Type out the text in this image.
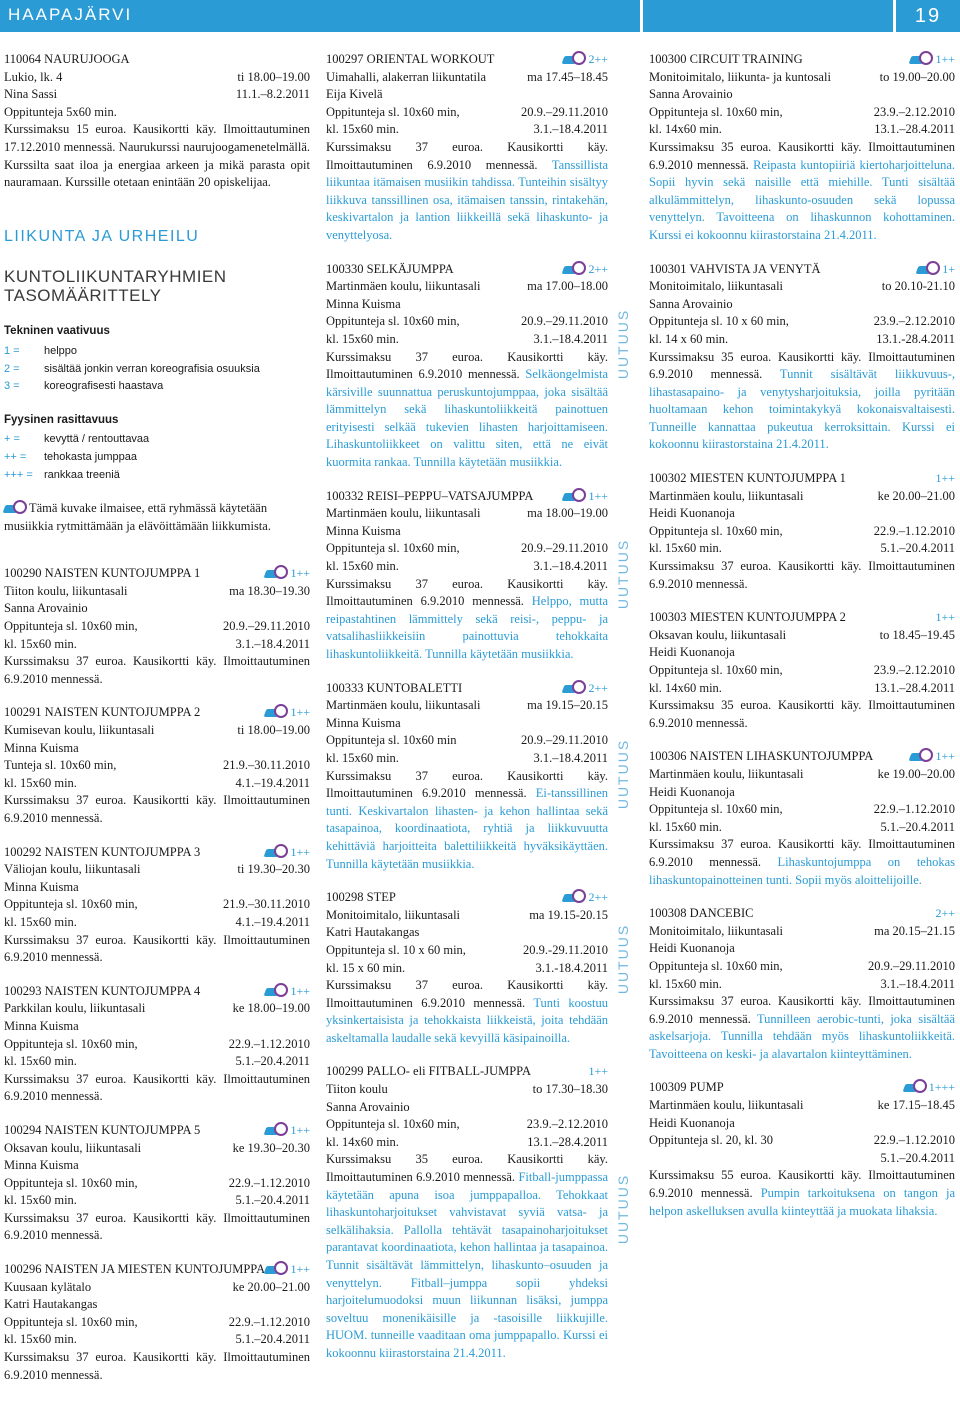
HAAPAJÄRVI	19
110064 NAURUJOOGA
Lukio, lk. 4	ti 18.00–19.00
Nina Sassi	11.1.–8.2.2011
Oppitunteja 5x60 min.
Kurssimaksu 15 euroa. Kausikortti käy. Ilmoittautuminen 17.12.2010 mennessä. Naurukurssi naurujoogamenetelmällä. Kurssilta saat iloa ja energiaa arkeen ja mikä parasta opit nauramaan. Kurssille otetaan enintään 20 opiskelijaa.
LIIKUNTA JA URHEILU
KUNTOLIIKUNTARYHMIEN
TASOMÄÄRITTELY
Tekninen vaativuus
1 = helppo
2 = sisältää jonkin verran koreografisia osuuksia
3 = koreografisesti haastava
Fyysinen rasittavuus
+ = kevyttä / rentouttavaa
++ = tehokasta jumppaa
+++ = rankkaa treeniä
Tämä kuvake ilmaisee, että ryhmässä käytetään musiikkia rytmittämään ja elävöittämään liikkumista.
100290 NAISTEN KUNTOJUMPPA 1	1++
Tiiton koulu, liikuntasali	ma 18.30–19.30
Sanna Arovainio
Oppitunteja sl. 10x60 min,	20.9.–29.11.2010
kl. 15x60 min.	3.1.–18.4.2011
Kurssimaksu 37 euroa. Kausikortti käy. Ilmoittautuminen 6.9.2010 mennessä.
100291 NAISTEN KUNTOJUMPPA 2	1++
Kumisevan koulu, liikuntasali	ti 18.00–19.00
Minna Kuisma
Tunteja sl. 10x60 min,	21.9.–30.11.2010
kl. 15x60 min.	4.1.–19.4.2011
Kurssimaksu 37 euroa. Kausikortti käy. Ilmoittautuminen 6.9.2010 mennessä.
100292 NAISTEN KUNTOJUMPPA 3	1++
Väliojan koulu, liikuntasali	ti 19.30–20.30
Minna Kuisma
Oppitunteja sl. 10x60 min,	21.9.–30.11.2010
kl. 15x60 min.	4.1.–19.4.2011
Kurssimaksu 37 euroa. Kausikortti käy. Ilmoittautuminen 6.9.2010 mennessä.
100293 NAISTEN KUNTOJUMPPA 4	1++
Parkkilan koulu, liikuntasali	ke 18.00–19.00
Minna Kuisma
Oppitunteja sl. 10x60 min,	22.9.–1.12.2010
kl. 15x60 min.	5.1.–20.4.2011
Kurssimaksu 37 euroa. Kausikortti käy. Ilmoittautuminen 6.9.2010 mennessä.
100294 NAISTEN KUNTOJUMPPA 5	1++
Oksavan koulu, liikuntasali	ke 19.30–20.30
Minna Kuisma
Oppitunteja sl. 10x60 min,	22.9.–1.12.2010
kl. 15x60 min.	5.1.–20.4.2011
Kurssimaksu 37 euroa. Kausikortti käy. Ilmoittautuminen 6.9.2010 mennessä.
100296 NAISTEN JA MIESTEN KUNTOJUMPPA	1++
Kuusaan kylätalo	ke 20.00–21.00
Katri Hautakangas
Oppitunteja sl. 10x60 min,	22.9.–1.12.2010
kl. 15x60 min.	5.1.–20.4.2011
Kurssimaksu 37 euroa. Kausikortti käy. Ilmoittautuminen 6.9.2010 mennessä.
100297 ORIENTAL WORKOUT	2++
Uimahalli, alakerran liikuntatila	ma 17.45–18.45
Eija Kivelä
Oppitunteja sl. 10x60 min,	20.9.–29.11.2010
kl. 15x60 min.	3.1.–18.4.2011
Kurssimaksu 37 euroa. Kausikortti käy. Ilmoittautuminen 6.9.2010 mennessä. Tanssillista liikuntaa itämaisen musiikin tahdissa. Tunteihin sisältyy liikkuva tanssillinen osa, itämaisen tanssin, rintakehän, keskivartalon ja lantion liikkeillä sekä lihaskunto- ja venyttelyosa.
100330 SELKÄJUMPPA	2++
Martinmäen koulu, liikuntasali	ma 17.00–18.00
Minna Kuisma
Oppitunteja sl. 10x60 min,	20.9.–29.11.2010
kl. 15x60 min.	3.1.–18.4.2011
Kurssimaksu 37 euroa. Kausikortti käy. Ilmoittautuminen 6.9.2010 mennessä. Selkäongelmista kärsiville suunnattua peruskuntojumppaa, joka sisältää lämmittelyn sekä lihaskuntoliikkeitä painottuen erityisesti selkää tukevien lihasten harjoittamiseen. Lihaskuntoliikkeet on valittu siten, että ne eivät kuormita rankaa. Tunnilla käytetään musiikkia.
100332 REISI–PEPPU–VATSAJUMPPA	1++
Martinmäen koulu, liikuntasali	ma 18.00–19.00
Minna Kuisma
Oppitunteja sl. 10x60 min,	20.9.–29.11.2010
kl. 15x60 min.	3.1.–18.4.2011
Kurssimaksu 37 euroa. Kausikortti käy. Ilmoittautuminen 6.9.2010 mennessä. Helppo, mutta reipastahtinen lämmittely sekä reisi-, peppu- ja vatsalihasliikkeisiin painottuvia tehokkaita lihaskuntoliikkeitä. Tunnilla käytetään musiikkia.
100333 KUNTOBALETTI	2++
Martinmäen koulu, liikuntasali	ma 19.15–20.15
Minna Kuisma
Oppitunteja sl. 10x60 min	20.9.–29.11.2010
kl. 15x60 min.	3.1.–18.4.2011
Kurssimaksu 37 euroa. Kausikortti käy. Ilmoittautuminen 6.9.2010 mennessä. Ei-tanssillinen tunti. Keskivartalon lihasten- ja kehon hallintaa sekä tasapainoa, koordinaatiota, ryhtiä ja liikkuvuutta kehittäviä harjoitteita balettiliikkeitä hyväksikäyttäen. Tunnilla käytetään musiikkia.
100298 STEP	2++
Monitoimitalo, liikuntasali	ma 19.15-20.15
Katri Hautakangas
Oppitunteja sl. 10 x 60 min,	20.9.-29.11.2010
kl. 15 x 60 min.	3.1.-18.4.2011
Kurssimaksu 37 euroa. Kausikortti käy. Ilmoittautuminen 6.9.2010 mennessä. Tunti koostuu yksinkertaisista ja tehokkaista liikkeistä, joita tehdään askeltamalla laudalle sekä kevyillä käsipainoilla.
100299 PALLO- eli FITBALL-JUMPPA	1++
Tiiton koulu	to 17.30–18.30
Sanna Arovainio
Oppitunteja sl. 10x60 min,	23.9.–2.12.2010
kl. 14x60 min.	13.1.–28.4.2011
Kurssimaksu 35 euroa. Kausikortti käy. Ilmoittautuminen 6.9.2010 mennessä. Fitball-jumppassa käytetään apuna isoa jumppapalloa. Tehokkaat lihaskuntoharjoitukset vahvistavat syviä vatsa- ja selkälihaksia. Pallolla tehtävät tasapainoharjoitukset parantavat koordinaatiota, kehon hallintaa ja tasapainoa. Tunnit sisältävät lämmittelyn, lihaskunto–osuuden ja venyttelyn. Fitball–jumppa sopii yhdeksi harjoitelumuodoksi muun liikunnan lisäksi, jumppa soveltuu monenikäisille ja -tasoisille liikkujille. HUOM. tunneille vaaditaan oma jumppapallo. Kurssi ei kokoonnu kiirastorstaina 21.4.2011.
UUTUUS
UUTUUS
UUTUUS
UUTUUS
UUTUUS
100300 CIRCUIT TRAINING	1++
Monitoimitalo, liikunta- ja kuntosali	to 19.00–20.00
Sanna Arovainio
Oppitunteja sl. 10x60 min,	23.9.–2.12.2010
kl. 14x60 min.	13.1.–28.4.2011
Kurssimaksu 35 euroa. Kausikortti käy. Ilmoittautuminen 6.9.2010 mennessä. Reipasta kuntopiiriä kiertoharjoitteluna. Sopii hyvin sekä naisille että miehille. Tunti sisältää alkulämmittelyn, lihaskunto-osuuden sekä lopussa venyttelyn. Tavoitteena on lihaskunnon kohottaminen. Kurssi ei kokoonnu kiirastorstaina 21.4.2011.
100301 VAHVISTA JA VENYTÄ	1+
Monitoimitalo, liikuntasali	to 20.10-21.10
Sanna Arovainio
Oppitunteja sl. 10 x 60 min,	23.9.–2.12.2010
kl. 14 x 60 min.	13.1.-28.4.2011
Kurssimaksu 35 euroa. Kausikortti käy. Ilmoittautuminen 6.9.2010 mennessä. Tunnit sisältävät liikkuvuus-, lihastasapaino- ja venytysharjoituksia, joilla pyritään huoltamaan kehon toimintakykyä kokonaisvaltaisesti. Tunneille kannattaa pukeutua kerroksittain. Kurssi ei kokoonnu kiirastorstaina 21.4.2011.
100302 MIESTEN KUNTOJUMPPA 1	1++
Martinmäen koulu, liikuntasali	ke 20.00–21.00
Heidi Kuonanoja
Oppitunteja sl. 10x60 min,	22.9.–1.12.2010
kl. 15x60 min.	5.1.–20.4.2011
Kurssimaksu 37 euroa. Kausikortti käy. Ilmoittautuminen 6.9.2010 mennessä.
100303 MIESTEN KUNTOJUMPPA 2	1++
Oksavan koulu, liikuntasali	to 18.45–19.45
Heidi Kuonanoja
Oppitunteja sl. 10x60 min,	23.9.–2.12.2010
kl. 14x60 min.	13.1.–28.4.2011
Kurssimaksu 35 euroa. Kausikortti käy. Ilmoittautuminen 6.9.2010 mennessä.
100306 NAISTEN LIHASKUNTOJUMPPA	1++
Martinmäen koulu, liikuntasali	ke 19.00–20.00
Heidi Kuonanoja
Oppitunteja sl. 10x60 min,	22.9.–1.12.2010
kl. 15x60 min.	5.1.–20.4.2011
Kurssimaksu 37 euroa. Kausikortti käy. Ilmoittautuminen 6.9.2010 mennessä. Lihaskuntojumppa on tehokas lihaskuntopainotteinen tunti. Sopii myös aloittelijoille.
100308 DANCEBIC	2++
Monitoimitalo, liikuntasali	ma 20.15–21.15
Heidi Kuonanoja
Oppitunteja sl. 10x60 min,	20.9.–29.11.2010
kl. 15x60 min.	3.1.–18.4.2011
Kurssimaksu 37 euroa. Kausikortti käy. Ilmoittautuminen 6.9.2010 mennessä. Tunnilleen aerobic-tunti, joka sisältää askelsarjoja. Tunnilla tehdään myös lihaskuntoliikkeitä. Tavoitteena on keski- ja alavartalon kiinteyttäminen.
100309 PUMP	1+++
Martinmäen koulu, liikuntasali	ke 17.15–18.45
Heidi Kuonanoja
Oppitunteja sl. 20, kl. 30	22.9.–1.12.2010
5.1.–20.4.2011
Kurssimaksu 55 euroa. Kausikortti käy. Ilmoittautuminen 6.9.2010 mennessä. Pumpin tarkoituksena on tangon ja helpon askelluksen avulla kiinteyttää ja muokata lihaksia.
